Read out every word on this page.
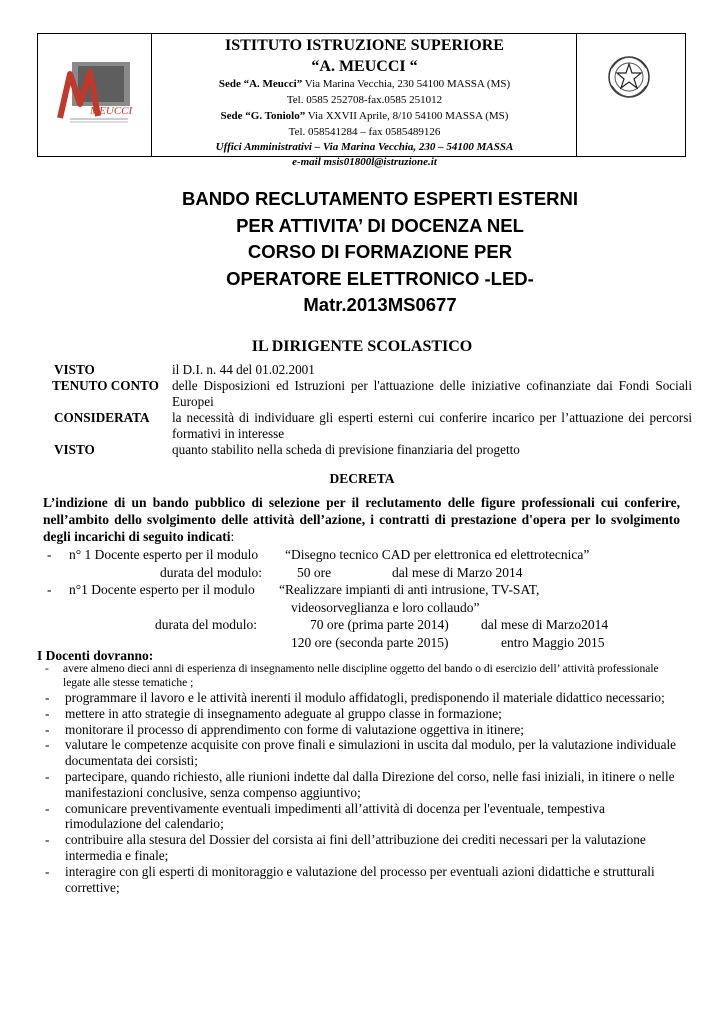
MEUCCI
ISTITUTO ISTRUZIONE SUPERIORE
“A. MEUCCI “
Sede “A. Meucci” Via Marina Vecchia, 230 54100 MASSA (MS)
Tel. 0585 252708-fax.0585 251012
Sede “G. Toniolo” Via XXVII Aprile, 8/10 54100 MASSA (MS)
Tel. 058541284 – fax 0585489126
Uffici Amministrativi – Via Marina Vecchia, 230 – 54100 MASSA
e-mail msis01800l@istruzione.it
BANDO RECLUTAMENTO ESPERTI ESTERNI
PER ATTIVITA’ DI DOCENZA NEL
CORSO DI FORMAZIONE PER
OPERATORE ELETTRONICO -LED-
Matr.2013MS0677
IL DIRIGENTE SCOLASTICO
VISTO	il D.I. n. 44 del 01.02.2001
TENUTO CONTO delle Disposizioni ed Istruzioni per l'attuazione delle iniziative cofinanziate dai Fondi Sociali Europei
CONSIDERATA la necessità di individuare gli esperti esterni cui conferire incarico per l’attuazione dei percorsi formativi in interesse
VISTO	quanto stabilito nella scheda di previsione finanziaria del progetto
DECRETA
L’indizione di un bando pubblico di selezione per il reclutamento delle figure professionali cui conferire, nell’ambito dello svolgimento delle attività dell’azione, i contratti di prestazione d'opera per lo svolgimento degli incarichi di seguito indicati:
- n° 1 Docente esperto per il modulo “Disegno tecnico CAD per elettronica ed elettrotecnica”
durata del modulo:	50 ore	dal mese di Marzo 2014
- n°1 Docente esperto per il modulo “Realizzare impianti di anti intrusione, TV-SAT,
videosorveglianza e loro collaudo”
durata del modulo:	70 ore (prima parte 2014) dal mese di Marzo2014
120 ore (seconda parte 2015)	entro Maggio 2015
I Docenti dovranno:
- avere almeno dieci anni di esperienza di insegnamento nelle discipline oggetto del bando o di esercizio dell’ attività professionale legate alle stesse tematiche ;
- programmare il lavoro e le attività inerenti il modulo affidatogli, predisponendo il materiale didattico necessario;
- mettere in atto strategie di insegnamento adeguate al gruppo classe in formazione;
- monitorare il processo di apprendimento con forme di valutazione oggettiva in itinere;
- valutare le competenze acquisite con prove finali e simulazioni in uscita dal modulo, per la valutazione individuale documentata dei corsisti;
- partecipare, quando richiesto, alle riunioni indette dal dalla Direzione del corso, nelle fasi iniziali, in itinere o nelle manifestazioni conclusive, senza compenso aggiuntivo;
- comunicare preventivamente eventuali impedimenti all’attività di docenza per l'eventuale, tempestiva rimodulazione del calendario;
- contribuire alla stesura del Dossier del corsista ai fini dell’attribuzione dei crediti necessari per la valutazione intermedia e finale;
- interagire con gli esperti di monitoraggio e valutazione del processo per eventuali azioni didattiche e strutturali correttive;
